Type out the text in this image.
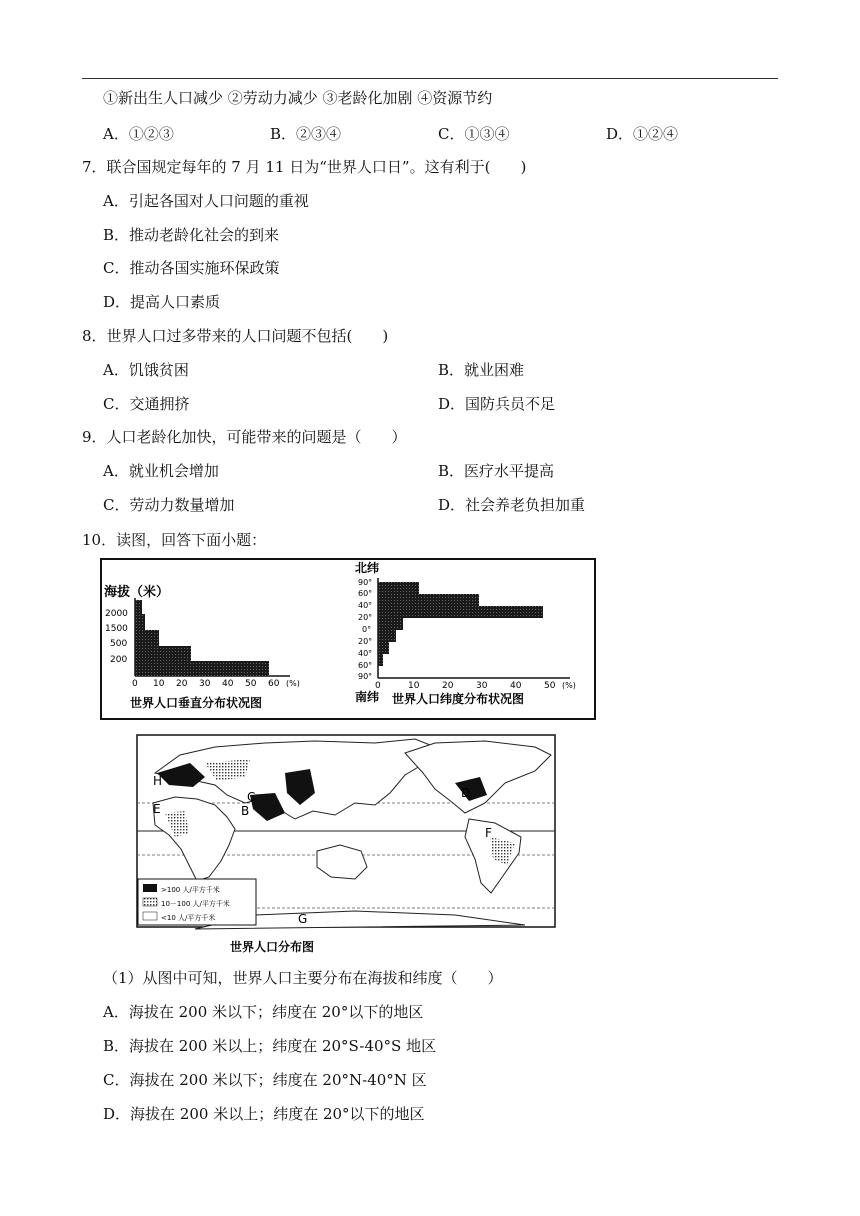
①新出生人口减少 ②劳动力减少 ③老龄化加剧 ④资源节约
A．①②③	B．②③④	C．①③④	D．①②④
7．联合国规定每年的 7 月 11 日为“世界人口日”。这有利于(　　)
A．引起各国对人口问题的重视
B．推动老龄化社会的到来
C．推动各国实施环保政策
D．提高人口素质
8．世界人口过多带来的人口问题不包括(　　)
A．饥饿贫困	B．就业困难
C．交通拥挤	D．国防兵员不足
9．人口老龄化加快，可能带来的问题是（　　）
A．就业机会增加	B．医疗水平提高
C．劳动力数量增加	D．社会养老负担加重
10．读图，回答下面小题：
海拔（米）
2000
1500
500
200
0 10 20 30 40 50 60 (%)
世界人口垂直分布状况图
北纬
90°
60°
40°
20°
0°
20°
40°
60°
90°
0	10	20	30	40	50 (%)
南纬 世界人口纬度分布状况图
H
E	B
C	D
F
G
>100 人/平方千米
10－100 人/平方千米
<10 人/平方千米
世界人口分布图
（1）从图中可知，世界人口主要分布在海拔和纬度（　　）
A．海拔在 200 米以下；纬度在 20°以下的地区
B．海拔在 200 米以上；纬度在 20°S-40°S 地区
C．海拔在 200 米以下；纬度在 20°N-40°N 区
D．海拔在 200 米以上；纬度在 20°以下的地区
